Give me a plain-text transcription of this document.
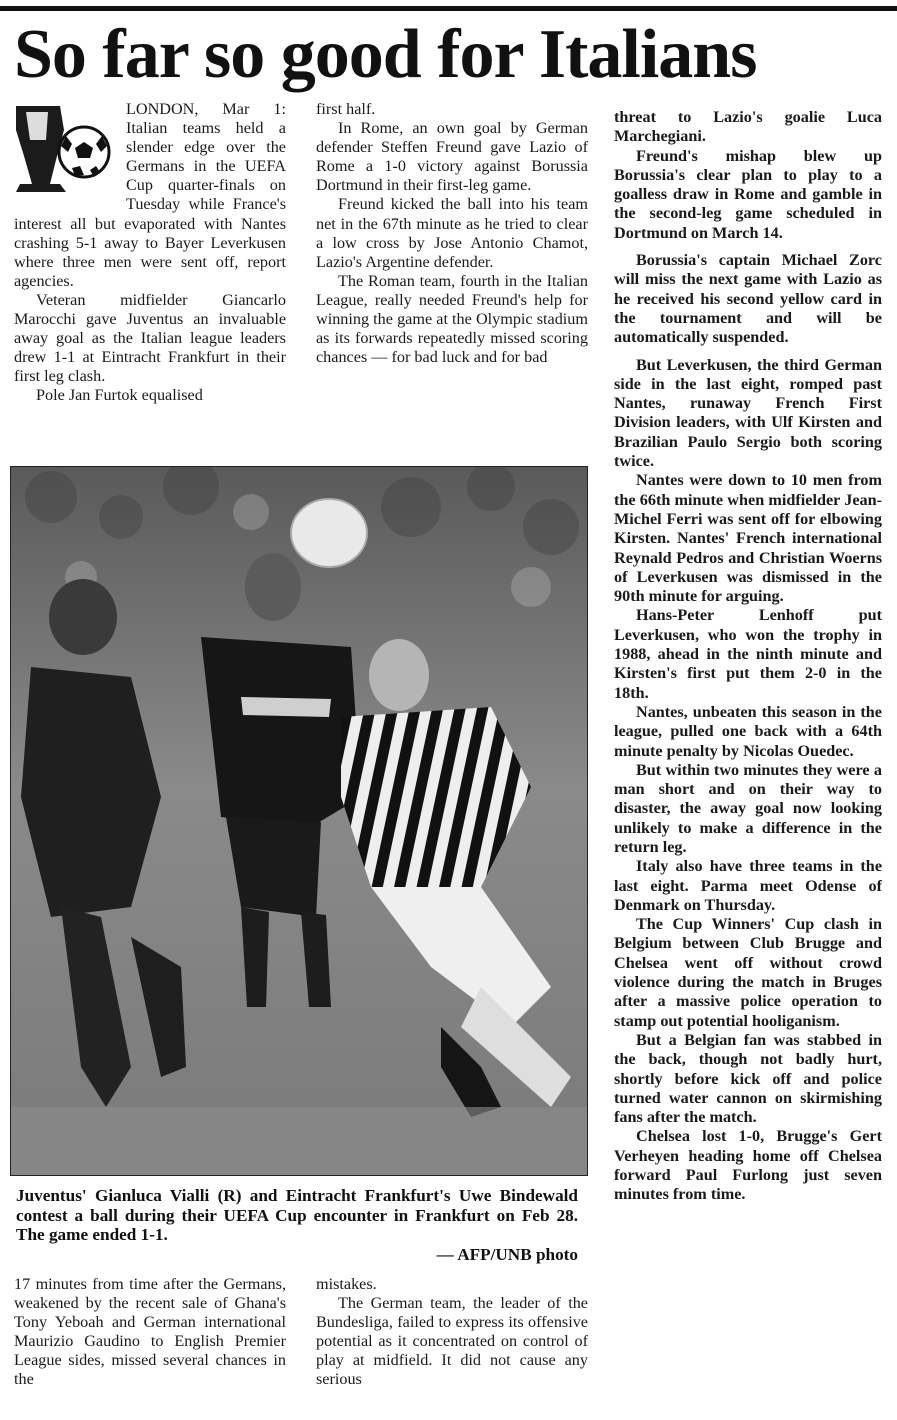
So far so good for Italians

LONDON, Mar 1: Italian teams held a slender edge over the Germans in the UEFA Cup quarter-finals on Tuesday while France's interest all but evaporated with Nantes crashing 5-1 away to Bayer Leverkusen where three men were sent off, report agencies.

Veteran midfielder Giancarlo Marocchi gave Juventus an invaluable away goal as the Italian league leaders drew 1-1 at Eintracht Frankfurt in their first leg clash.

Pole Jan Furtok equalised

first half.

In Rome, an own goal by German defender Steffen Freund gave Lazio of Rome a 1-0 victory against Borussia Dortmund in their first-leg game.

Freund kicked the ball into his team net in the 67th minute as he tried to clear a low cross by Jose Antonio Chamot, Lazio's Argentine defender.

The Roman team, fourth in the Italian League, really needed Freund's help for winning the game at the Olympic stadium as its forwards repeatedly missed scoring chances — for bad luck and for bad

threat to Lazio's goalie Luca Marchegiani.

Freund's mishap blew up Borussia's clear plan to play to a goalless draw in Rome and gamble in the second-leg game scheduled in Dortmund on March 14.

Borussia's captain Michael Zorc will miss the next game with Lazio as he received his second yellow card in the tournament and will be automatically suspended.

But Leverkusen, the third German side in the last eight, romped past Nantes, runaway French First Division leaders, with Ulf Kirsten and Brazilian Paulo Sergio both scoring twice.

Nantes were down to 10 men from the 66th minute when midfielder Jean-Michel Ferri was sent off for elbowing Kirsten. Nantes' French international Reynald Pedros and Christian Woerns of Leverkusen was dismissed in the 90th minute for arguing.

Hans-Peter Lenhoff put Leverkusen, who won the trophy in 1988, ahead in the ninth minute and Kirsten's first put them 2-0 in the 18th.

Nantes, unbeaten this season in the league, pulled one back with a 64th minute penalty by Nicolas Ouedec.

But within two minutes they were a man short and on their way to disaster, the away goal now looking unlikely to make a difference in the return leg.

Italy also have three teams in the last eight. Parma meet Odense of Denmark on Thursday.

The Cup Winners' Cup clash in Belgium between Club Brugge and Chelsea went off without crowd violence during the match in Bruges after a massive police operation to stamp out potential hooliganism.

But a Belgian fan was stabbed in the back, though not badly hurt, shortly before kick off and police turned water cannon on skirmishing fans after the match.

Chelsea lost 1-0, Brugge's Gert Verheyen heading home off Chelsea forward Paul Furlong just seven minutes from time.

Juventus' Gianluca Vialli (R) and Eintracht Frankfurt's Uwe Bindewald contest a ball during their UEFA Cup encounter in Frankfurt on Feb 28. The game ended 1-1.
— AFP/UNB photo

17 minutes from time after the Germans, weakened by the recent sale of Ghana's Tony Yeboah and German international Maurizio Gaudino to English Premier League sides, missed several chances in the

mistakes.

The German team, the leader of the Bundesliga, failed to express its offensive potential as it concentrated on control of play at midfield. It did not cause any serious
